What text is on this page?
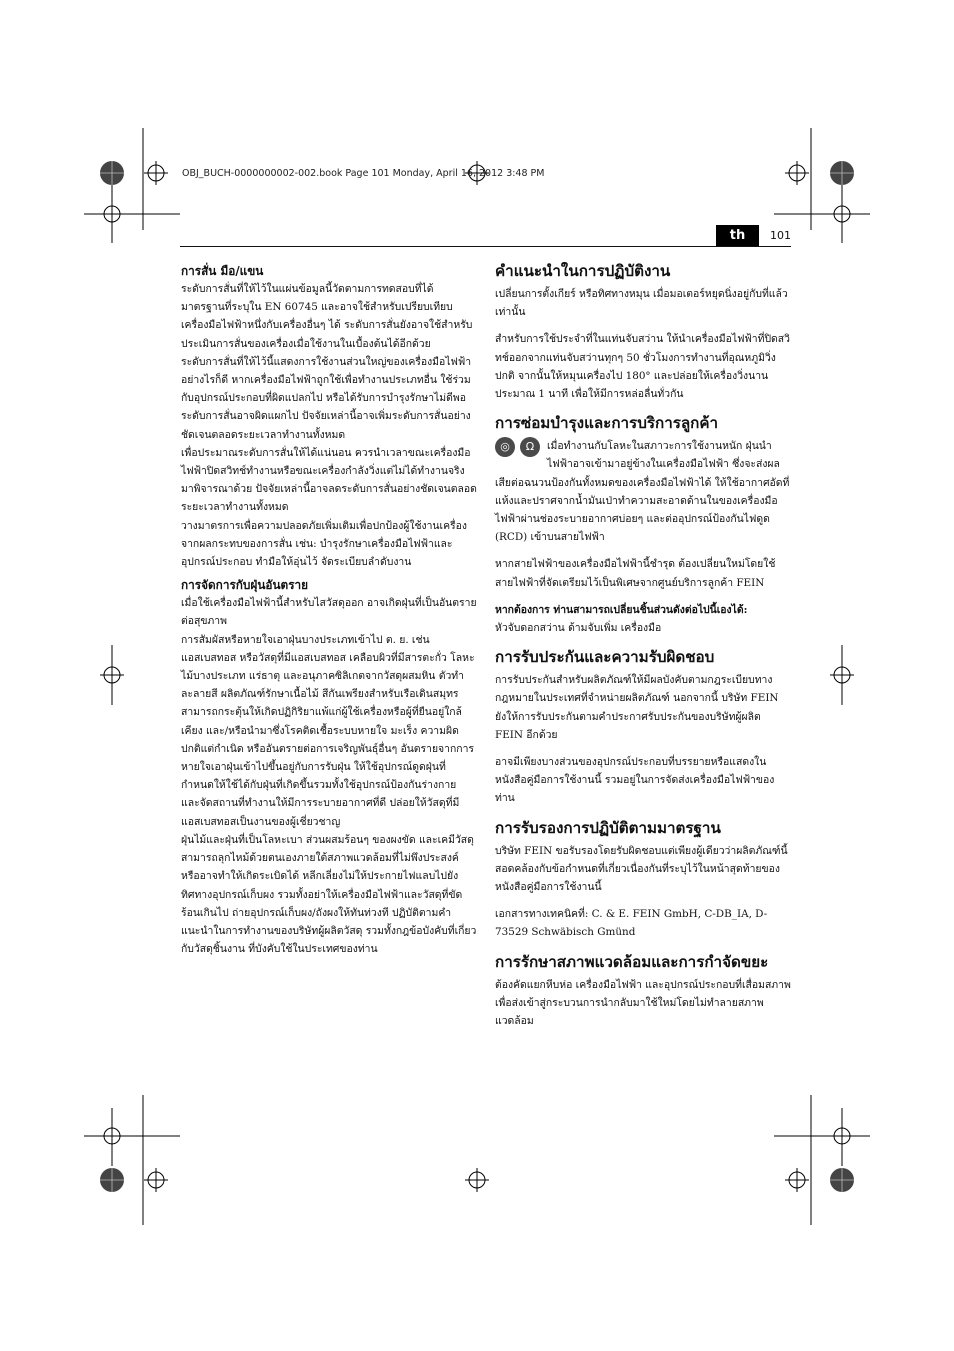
OBJ_BUCH-0000000002-002.book Page 101 Monday, April 16, 2012 3:48 PM
th	101

การสั่น มือ/แขน

ระดับการสั่นที่ให้ไว้ในแผ่นข้อมูลนี้วัดตามการทดสอบที่ได้มาตรฐานที่ระบุใน EN 60745 และอาจใช้สำหรับเปรียบเทียบเครื่องมือไฟฟ้าหนึ่งกับเครื่องอื่นๆ ได้ ระดับการสั่นยังอาจใช้สำหรับประเมินการสั่นของเครื่องเมื่อใช้งานในเบื้องต้นได้อีกด้วย

ระดับการสั่นที่ให้ไว้นี้แสดงการใช้งานส่วนใหญ่ของเครื่องมือไฟฟ้า อย่างไรก็ดี หากเครื่องมือไฟฟ้าถูกใช้เพื่อทำงานประเภทอื่น ใช้ร่วมกับอุปกรณ์ประกอบที่ผิดแปลกไป หรือได้รับการบำรุงรักษาไม่ดีพอ ระดับการสั่นอาจผิดแผกไป ปัจจัยเหล่านี้อาจเพิ่มระดับการสั่นอย่างชัดเจนตลอดระยะเวลาทำงานทั้งหมด

เพื่อประมาณระดับการสั่นให้ได้แน่นอน ควรนำเวลาขณะเครื่องมือไฟฟ้าปิดสวิทช์ทำงานหรือขณะเครื่องกำลังวิ่งแต่ไม่ได้ทำงานจริงมาพิจารณาด้วย ปัจจัยเหล่านี้อาจลดระดับการสั่นอย่างชัดเจนตลอดระยะเวลาทำงานทั้งหมด

วางมาตรการเพื่อความปลอดภัยเพิ่มเติมเพื่อปกป้องผู้ใช้งานเครื่องจากผลกระทบของการสั่น เช่น: บำรุงรักษาเครื่องมือไฟฟ้าและอุปกรณ์ประกอบ ทำมือให้อุ่นไว้ จัดระเบียบลำดับงาน

การจัดการกับฝุ่นอันตราย

เมื่อใช้เครื่องมือไฟฟ้านี้สำหรับไสวัสดุออก อาจเกิดฝุ่นที่เป็นอันตรายต่อสุขภาพ

การสัมผัสหรือหายใจเอาฝุ่นบางประเภทเข้าไป ต. ย. เช่น แอสเบสทอส หรือวัสดุที่มีแอสเบสทอส เคลือบผิวที่มีสารตะกั่ว โลหะ ไม้บางประเภท แร่ธาตุ และอนุภาคซิลิเกตจากวัสดุผสมหิน ตัวทำละลายสี ผลิตภัณฑ์รักษาเนื้อไม้ สีกันเพรียงสำหรับเรือเดินสมุทร สามารถกระตุ้นให้เกิดปฏิกิริยาแพ้แก่ผู้ใช้เครื่องหรือผู้ที่ยืนอยู่ใกล้เคียง และ/หรือนำมาซึ่งโรคติดเชื้อระบบหายใจ มะเร็ง ความผิดปกติแต่กำเนิด หรืออันตรายต่อการเจริญพันธุ์อื่นๆ อันตรายจากการหายใจเอาฝุ่นเข้าไปขึ้นอยู่กับการรับฝุ่น ให้ใช้อุปกรณ์ดูดฝุ่นที่กำหนดให้ใช้ได้กับฝุ่นที่เกิดขึ้นรวมทั้งใช้อุปกรณ์ป้องกันร่างกาย และจัดสถานที่ทำงานให้มีการระบายอากาศที่ดี ปล่อยให้วัสดุที่มีแอสเบสทอสเป็นงานของผู้เชี่ยวชาญ

ฝุ่นไม้และฝุ่นที่เป็นโลหะเบา ส่วนผสมร้อนๆ ของผงขัด และเคมีวัสดุ สามารถลุกไหม้ด้วยตนเองภายใต้สภาพแวดล้อมที่ไม่พึงประสงค์ หรืออาจทำให้เกิดระเบิดได้ หลีกเลี่ยงไม่ให้ประกายไฟแลบไปยังทิศทางอุปกรณ์เก็บผง รวมทั้งอย่าให้เครื่องมือไฟฟ้าและวัสดุที่ขัดร้อนเกินไป ถ่ายอุปกรณ์เก็บผง/ถังผงให้ทันท่วงที ปฏิบัติตามคำแนะนำในการทำงานของบริษัทผู้ผลิตวัสดุ รวมทั้งกฎข้อบังคับที่เกี่ยวกับวัสดุชิ้นงาน ที่บังคับใช้ในประเทศของท่าน

คำแนะนำในการปฏิบัติงาน

เปลี่ยนการตั้งเกียร์ หรือทิศทางหมุน เมื่อมอเตอร์หยุดนิ่งอยู่กับที่แล้วเท่านั้น

สำหรับการใช้ประจำที่ในแท่นจับสว่าน ให้นำเครื่องมือไฟฟ้าที่ปิดสวิทช์ออกจากแท่นจับสว่านทุกๆ 50 ชั่วโมงการทำงานที่อุณหภูมิวิ่งปกติ จากนั้นให้หมุนเครื่องไป 180° และปล่อยให้เครื่องวิ่งนานประมาณ 1 นาที เพื่อให้มีการหล่อลื่นทั่วกัน

การซ่อมบำรุงและการบริการลูกค้า

◎	Ω	เมื่อทำงานกับโลหะในสภาวะการใช้งานหนัก ฝุ่นนำไฟฟ้าอาจเข้ามาอยู่ข้างในเครื่องมือไฟฟ้า ซึ่งจะส่งผลเสียต่อฉนวนป้องกันทั้งหมดของเครื่องมือไฟฟ้าได้ ให้ใช้อากาศอัดที่แห้งและปราศจากน้ำมันเป่าทำความสะอาดด้านในของเครื่องมือไฟฟ้าผ่านช่องระบายอากาศบ่อยๆ และต่ออุปกรณ์ป้องกันไฟดูด (RCD) เข้าบนสายไฟฟ้า

หากสายไฟฟ้าของเครื่องมือไฟฟ้านี้ชำรุด ต้องเปลี่ยนใหม่โดยใช้สายไฟฟ้าที่จัดเตรียมไว้เป็นพิเศษจากศูนย์บริการลูกค้า FEIN

หากต้องการ ท่านสามารถเปลี่ยนชิ้นส่วนดังต่อไปนี้เองได้:

หัวจับดอกสว่าน ด้ามจับเพิ่ม เครื่องมือ

การรับประกันและความรับผิดชอบ

การรับประกันสำหรับผลิตภัณฑ์ให้มีผลบังคับตามกฎระเบียบทางกฎหมายในประเทศที่จำหน่ายผลิตภัณฑ์ นอกจากนี้ บริษัท FEIN ยังให้การรับประกันตามคำประกาศรับประกันของบริษัทผู้ผลิต FEIN อีกด้วย

อาจมีเพียงบางส่วนของอุปกรณ์ประกอบที่บรรยายหรือแสดงในหนังสือคู่มือการใช้งานนี้ รวมอยู่ในการจัดส่งเครื่องมือไฟฟ้าของท่าน

การรับรองการปฏิบัติตามมาตรฐาน

บริษัท FEIN ขอรับรองโดยรับผิดชอบแต่เพียงผู้เดียวว่าผลิตภัณฑ์นี้สอดคล้องกับข้อกำหนดที่เกี่ยวเนื่องกันที่ระบุไว้ในหน้าสุดท้ายของหนังสือคู่มือการใช้งานนี้

เอกสารทางเทคนิคที่: C. & E. FEIN GmbH, C-DB_IA, D-73529 Schwäbisch Gmünd

การรักษาสภาพแวดล้อมและการกำจัดขยะ

ต้องคัดแยกหีบห่อ เครื่องมือไฟฟ้า และอุปกรณ์ประกอบที่เสื่อมสภาพ เพื่อส่งเข้าสู่กระบวนการนำกลับมาใช้ใหม่โดยไม่ทำลายสภาพแวดล้อม
